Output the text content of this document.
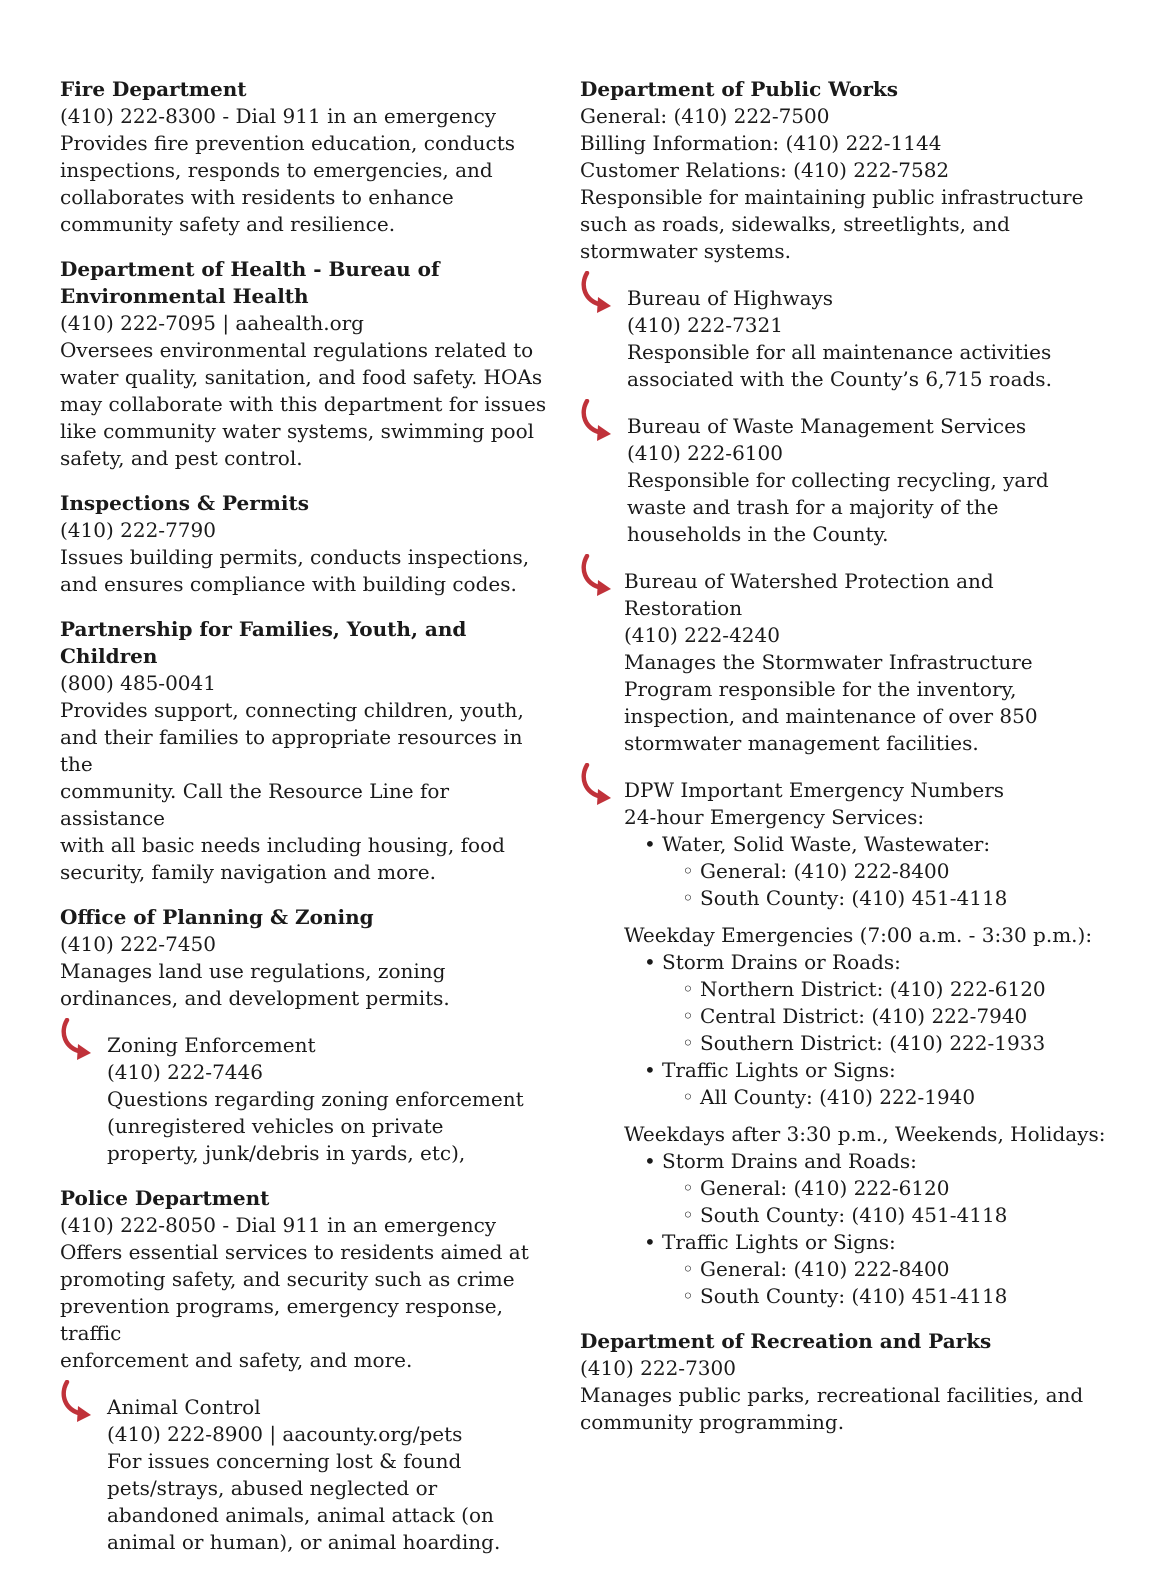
Fire Department
(410) 222-8300 - Dial 911 in an emergency
Provides fire prevention education, conducts
inspections, responds to emergencies, and
collaborates with residents to enhance
community safety and resilience.
Department of Health - Bureau of
Environmental Health
(410) 222-7095 | aahealth.org
Oversees environmental regulations related to
water quality, sanitation, and food safety. HOAs
may collaborate with this department for issues
like community water systems, swimming pool
safety, and pest control.
Inspections & Permits
(410) 222-7790
Issues building permits, conducts inspections,
and ensures compliance with building codes.
Partnership for Families, Youth, and
Children
(800) 485-0041
Provides support, connecting children, youth,
and their families to appropriate resources in the
community. Call the Resource Line for assistance
with all basic needs including housing, food
security, family navigation and more.
Office of Planning & Zoning
(410) 222-7450
Manages land use regulations, zoning
ordinances, and development permits.
Zoning Enforcement
(410) 222-7446
Questions regarding zoning enforcement
(unregistered vehicles on private
property, junk/debris in yards, etc),
Police Department
(410) 222-8050 - Dial 911 in an emergency
Offers essential services to residents aimed at
promoting safety, and security such as crime
prevention programs, emergency response, traffic
enforcement and safety, and more.
Animal Control
(410) 222-8900 | aacounty.org/pets
For issues concerning lost & found
pets/strays, abused neglected or
abandoned animals, animal attack (on
animal or human), or animal hoarding.
Department of Public Works
General: (410) 222-7500
Billing Information: (410) 222-1144
Customer Relations: (410) 222-7582
Responsible for maintaining public infrastructure
such as roads, sidewalks, streetlights, and
stormwater systems.
Bureau of Highways
(410) 222-7321
Responsible for all maintenance activities
associated with the County’s 6,715 roads.
Bureau of Waste Management Services
(410) 222-6100
Responsible for collecting recycling, yard
waste and trash for a majority of the
households in the County.
Bureau of Watershed Protection and
Restoration
(410) 222-4240
Manages the Stormwater Infrastructure
Program responsible for the inventory,
inspection, and maintenance of over 850
stormwater management facilities.
DPW Important Emergency Numbers
24-hour Emergency Services:
• Water, Solid Waste, Wastewater:
◦ General: (410) 222-8400
◦ South County: (410) 451-4118
Weekday Emergencies (7:00 a.m. - 3:30 p.m.):
• Storm Drains or Roads:
◦ Northern District: (410) 222-6120
◦ Central District: (410) 222-7940
◦ Southern District: (410) 222-1933
• Traffic Lights or Signs:
◦ All County: (410) 222-1940
Weekdays after 3:30 p.m., Weekends, Holidays:
• Storm Drains and Roads:
◦ General: (410) 222-6120
◦ South County: (410) 451-4118
• Traffic Lights or Signs:
◦ General: (410) 222-8400
◦ South County: (410) 451-4118
Department of Recreation and Parks
(410) 222-7300
Manages public parks, recreational facilities, and
community programming.
